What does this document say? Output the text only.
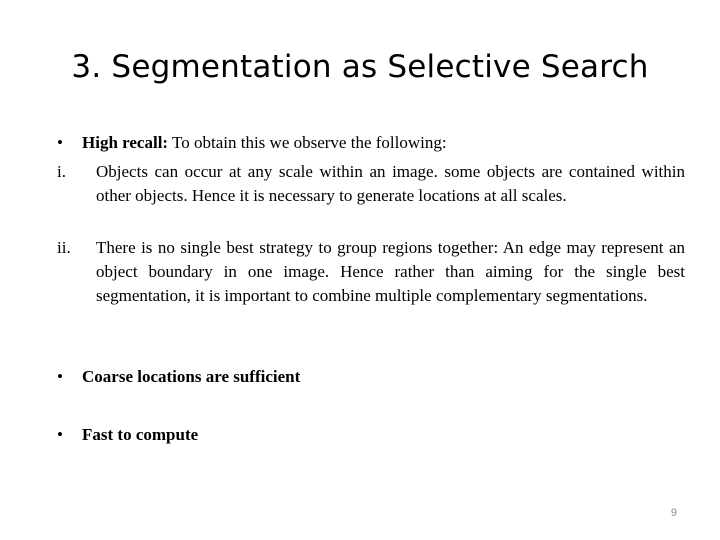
3. Segmentation as Selective Search
•	High recall: To obtain this we observe the following:
i.	Objects can occur at any scale within an image. some objects are contained within other objects. Hence it is necessary to generate locations at all scales.
ii.	There is no single best strategy to group regions together: An edge may represent an object boundary in one image. Hence rather than aiming for the single best segmentation, it is important to combine multiple complementary segmentations.
•	Coarse locations are sufficient
•	Fast to compute
9
